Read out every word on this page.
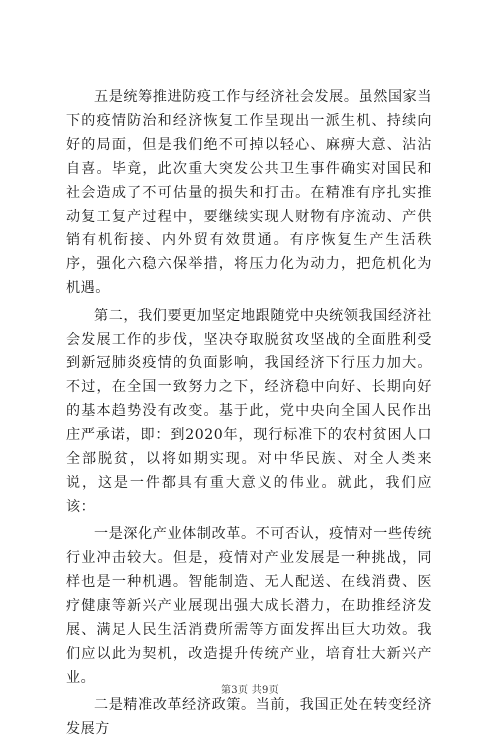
五是统筹推进防疫工作与经济社会发展。虽然国家当下的疫情防治和经济恢复工作呈现出一派生机、持续向好的局面，但是我们绝不可掉以轻心、麻痹大意、沾沾自喜。毕竟，此次重大突发公共卫生事件确实对国民和社会造成了不可估量的损失和打击。在精准有序扎实推动复工复产过程中，要继续实现人财物有序流动、产供销有机衔接、内外贸有效贯通。有序恢复生产生活秩序，强化六稳六保举措，将压力化为动力，把危机化为机遇。

第二，我们要更加坚定地跟随党中央统领我国经济社会发展工作的步伐，坚决夺取脱贫攻坚战的全面胜利受到新冠肺炎疫情的负面影响，我国经济下行压力加大。不过，在全国一致努力之下，经济稳中向好、长期向好的基本趋势没有改变。基于此，党中央向全国人民作出庄严承诺，即：到2020年，现行标准下的农村贫困人口全部脱贫，以将如期实现。对中华民族、对全人类来说，这是一件都具有重大意义的伟业。就此，我们应该：

一是深化产业体制改革。不可否认，疫情对一些传统行业冲击较大。但是，疫情对产业发展是一种挑战，同样也是一种机遇。智能制造、无人配送、在线消费、医疗健康等新兴产业展现出强大成长潜力，在助推经济发展、满足人民生活消费所需等方面发挥出巨大功效。我们应以此为契机，改造提升传统产业，培育壮大新兴产业。

二是精准改革经济政策。当前，我国正处在转变经济发展方

第3页 共9页
